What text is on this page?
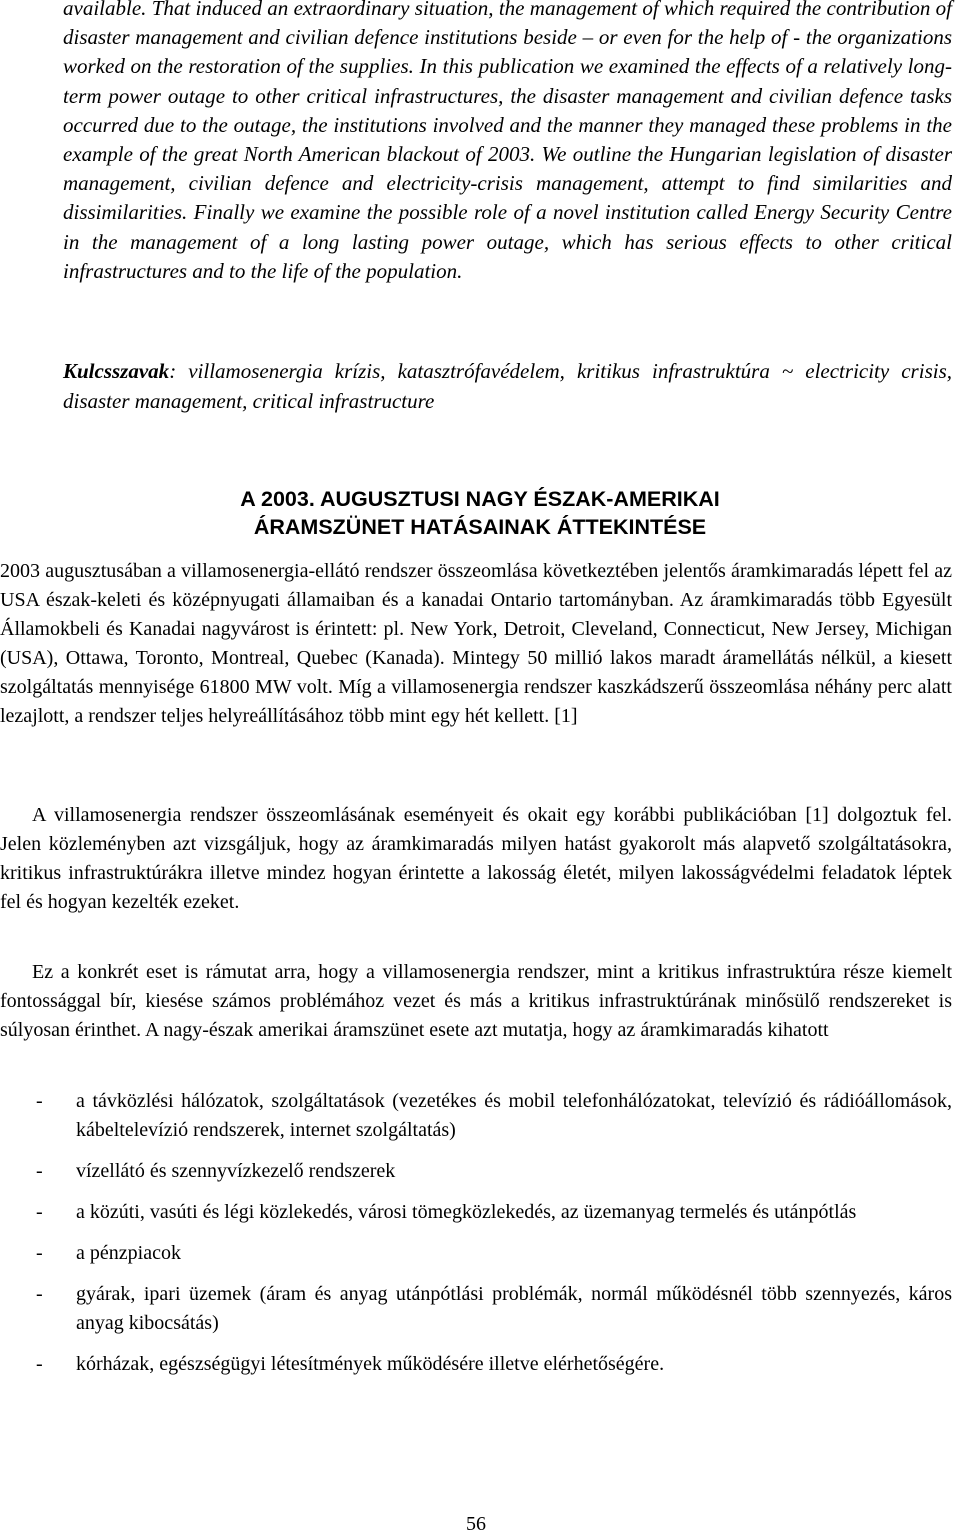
available. That induced an extraordinary situation, the management of which required the contribution of disaster management and civilian defence institutions beside – or even for the help of - the organizations worked on the restoration of the supplies. In this publication we examined the effects of a relatively long-term power outage to other critical infrastructures, the disaster management and civilian defence tasks occurred due to the outage, the institutions involved and the manner they managed these problems in the example of the great North American blackout of 2003. We outline the Hungarian legislation of disaster management, civilian defence and electricity-crisis management, attempt to find similarities and dissimilarities. Finally we examine the possible role of a novel institution called Energy Security Centre in the management of a long lasting power outage, which has serious effects to other critical infrastructures and to the life of the population.

Kulcsszavak: villamosenergia krízis, katasztrófavédelem, kritikus infrastruktúra ~ electricity crisis, disaster management, critical infrastructure

A 2003. AUGUSZTUSI NAGY ÉSZAK-AMERIKAI
ÁRAMSZÜNET HATÁSAINAK ÁTTEKINTÉSE

2003 augusztusában a villamosenergia-ellátó rendszer összeomlása következtében jelentős áramkimaradás lépett fel az USA észak-keleti és középnyugati államaiban és a kanadai Ontario tartományban. Az áramkimaradás több Egyesült Államokbeli és Kanadai nagyvárost is érintett: pl. New York, Detroit, Cleveland, Connecticut, New Jersey, Michigan (USA), Ottawa, Toronto, Montreal, Quebec (Kanada). Mintegy 50 millió lakos maradt áramellátás nélkül, a kiesett szolgáltatás mennyisége 61800 MW volt. Míg a villamosenergia rendszer kaszkádszerű összeomlása néhány perc alatt lezajlott, a rendszer teljes helyreállításához több mint egy hét kellett. [1]

A villamosenergia rendszer összeomlásának eseményeit és okait egy korábbi publikációban [1] dolgoztuk fel. Jelen közleményben azt vizsgáljuk, hogy az áramkimaradás milyen hatást gyakorolt más alapvető szolgáltatásokra, kritikus infrastruktúrákra illetve mindez hogyan érintette a lakosság életét, milyen lakosságvédelmi feladatok léptek fel és hogyan kezelték ezeket.

Ez a konkrét eset is rámutat arra, hogy a villamosenergia rendszer, mint a kritikus infrastruktúra része kiemelt fontossággal bír, kiesése számos problémához vezet és más a kritikus infrastruktúrának minősülő rendszereket is súlyosan érinthet. A nagy-észak amerikai áramszünet esete azt mutatja, hogy az áramkimaradás kihatott

- a távközlési hálózatok, szolgáltatások (vezetékes és mobil telefonhálózatokat, televízió és rádióállomások, kábeltelevízió rendszerek, internet szolgáltatás)
- vízellátó és szennyvízkezelő rendszerek
- a közúti, vasúti és légi közlekedés, városi tömegközlekedés, az üzemanyag termelés és utánpótlás
- a pénzpiacok
- gyárak, ipari üzemek (áram és anyag utánpótlási problémák, normál működésnél több szennyezés, káros anyag kibocsátás)
- kórházak, egészségügyi létesítmények működésére illetve elérhetőségére.
56
